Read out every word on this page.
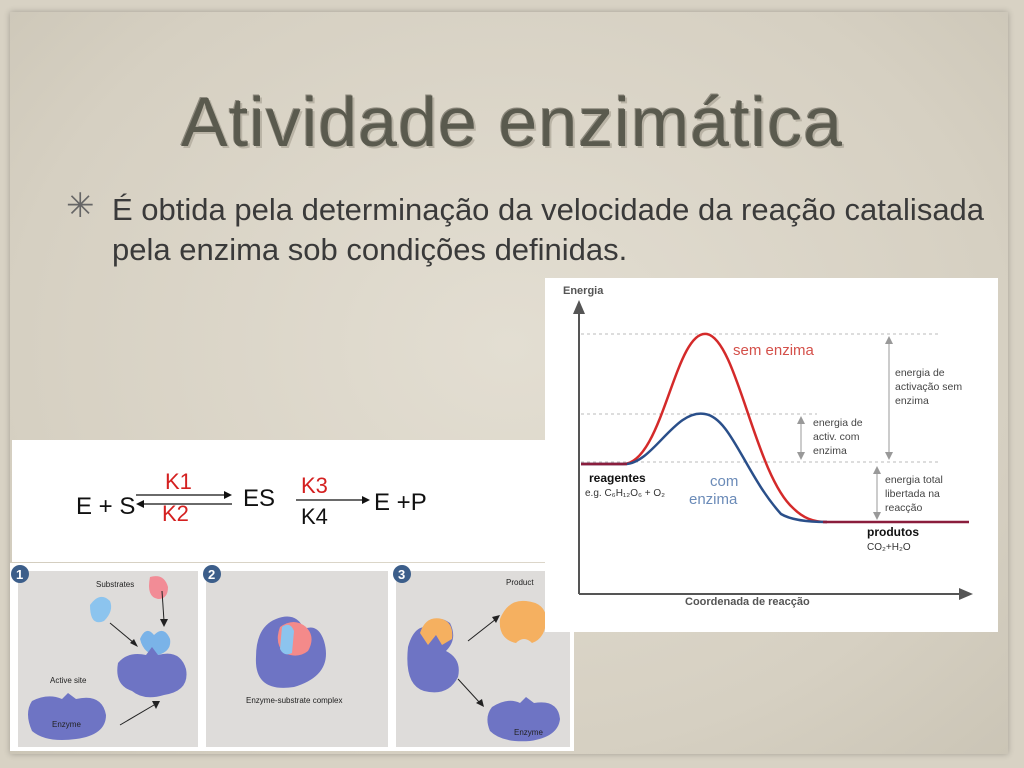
Atividade enzimática
✳ É obtida pela determinação da velocidade da reação catalisada pela enzima sob condições definidas.
E + S
K1
K2
ES K3
K4
E +P
1
Substrates
Active site
Enzyme
2
Enzyme-substrate complex
3
Product
Enzyme
Energia
Coordenada de reacção
sem enzima
com
enzima
reagentes
e.g. C₆H₁₂O₆ + O₂
produtos
CO₂+H₂O
energia de
activação sem
enzima
energia de
activ. com
enzima
energia total
libertada na
reacção
